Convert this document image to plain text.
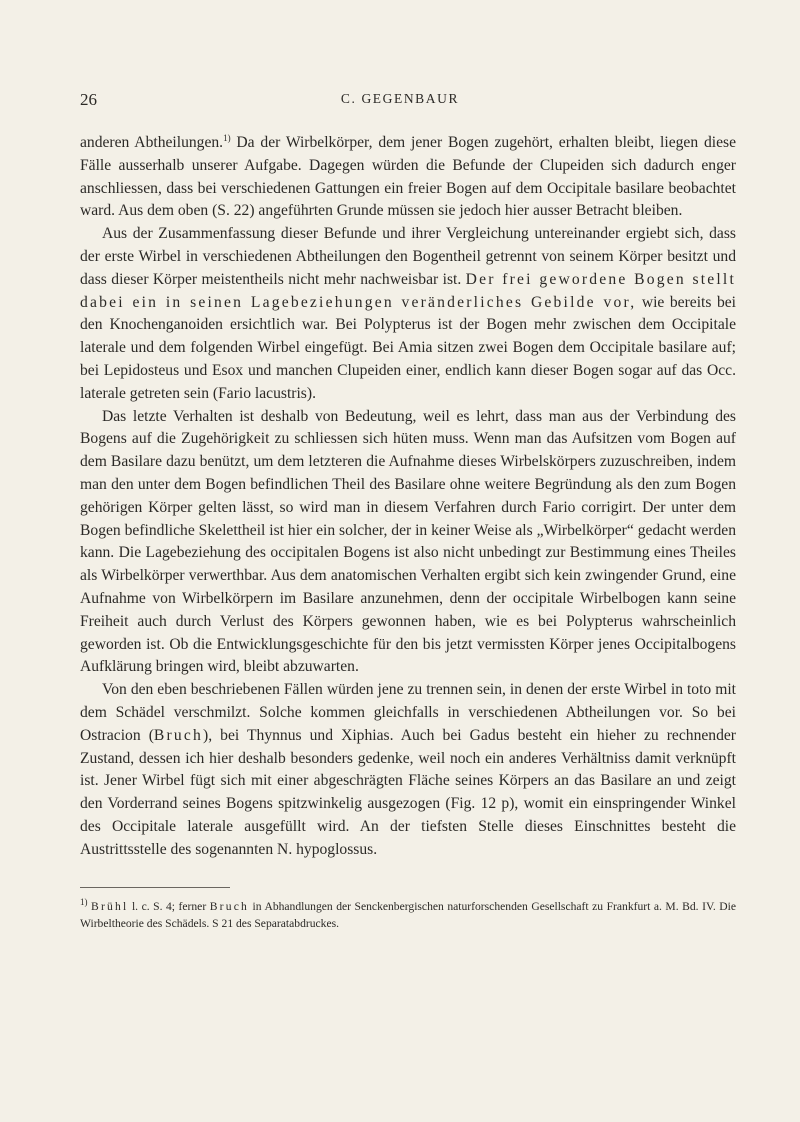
26	C. GEGENBAUR

anderen Abtheilungen.$^{1)}$ Da der Wirbelkörper, dem jener Bogen zugehört, erhalten bleibt, liegen diese Fälle ausserhalb unserer Aufgabe. Dagegen würden die Befunde der Clupeiden sich dadurch enger anschliessen, dass bei verschiedenen Gattungen ein freier Bogen auf dem Occipitale basilare beobachtet ward. Aus dem oben (S. 22) angeführten Grunde müssen sie jedoch hier ausser Betracht bleiben.

Aus der Zusammenfassung dieser Befunde und ihrer Vergleichung untereinander ergiebt sich, dass der erste Wirbel in verschiedenen Abtheilungen den Bogentheil getrennt von seinem Körper besitzt und dass dieser Körper meistentheils nicht mehr nachweisbar ist. Der frei gewordene Bogen stellt dabei ein in seinen Lagebeziehungen veränderliches Gebilde vor, wie bereits bei den Knochenganoiden ersichtlich war. Bei Polypterus ist der Bogen mehr zwischen dem Occipitale laterale und dem folgenden Wirbel eingefügt. Bei Amia sitzen zwei Bogen dem Occipitale basilare auf; bei Lepidosteus und Esox und manchen Clupeiden einer, endlich kann dieser Bogen sogar auf das Occ. laterale getreten sein (Fario lacustris).

Das letzte Verhalten ist deshalb von Bedeutung, weil es lehrt, dass man aus der Verbindung des Bogens auf die Zugehörigkeit zu schliessen sich hüten muss. Wenn man das Aufsitzen vom Bogen auf dem Basilare dazu benützt, um dem letzteren die Aufnahme dieses Wirbelskörpers zuzuschreiben, indem man den unter dem Bogen befindlichen Theil des Basilare ohne weitere Begründung als den zum Bogen gehörigen Körper gelten lässt, so wird man in diesem Verfahren durch Fario corrigirt. Der unter dem Bogen befindliche Skelettheil ist hier ein solcher, der in keiner Weise als „Wirbelkörper“ gedacht werden kann. Die Lagebeziehung des occipitalen Bogens ist also nicht unbedingt zur Bestimmung eines Theiles als Wirbelkörper verwerthbar. Aus dem anatomischen Verhalten ergibt sich kein zwingender Grund, eine Aufnahme von Wirbelkörpern im Basilare anzunehmen, denn der occipitale Wirbelbogen kann seine Freiheit auch durch Verlust des Körpers gewonnen haben, wie es bei Polypterus wahrscheinlich geworden ist. Ob die Entwicklungsgeschichte für den bis jetzt vermissten Körper jenes Occipitalbogens Aufklärung bringen wird, bleibt abzuwarten.

Von den eben beschriebenen Fällen würden jene zu trennen sein, in denen der erste Wirbel in toto mit dem Schädel verschmilzt. Solche kommen gleichfalls in verschiedenen Abtheilungen vor. So bei Ostracion (Bruch), bei Thynnus und Xiphias. Auch bei Gadus besteht ein hieher zu rechnender Zustand, dessen ich hier deshalb besonders gedenke, weil noch ein anderes Verhältniss damit verknüpft ist. Jener Wirbel fügt sich mit einer abgeschrägten Fläche seines Körpers an das Basilare an und zeigt den Vorderrand seines Bogens spitzwinkelig ausgezogen (Fig. 12 p), womit ein einspringender Winkel des Occipitale laterale ausgefüllt wird. An der tiefsten Stelle dieses Einschnittes besteht die Austrittsstelle des sogenannten N. hypoglossus.

$^{1)}$ Brühl l. c. S. 4; ferner Bruch in Abhandlungen der Senckenbergischen naturforschenden Gesellschaft zu Frankfurt a. M. Bd. IV. Die Wirbeltheorie des Schädels. S 21 des Separatabdruckes.
